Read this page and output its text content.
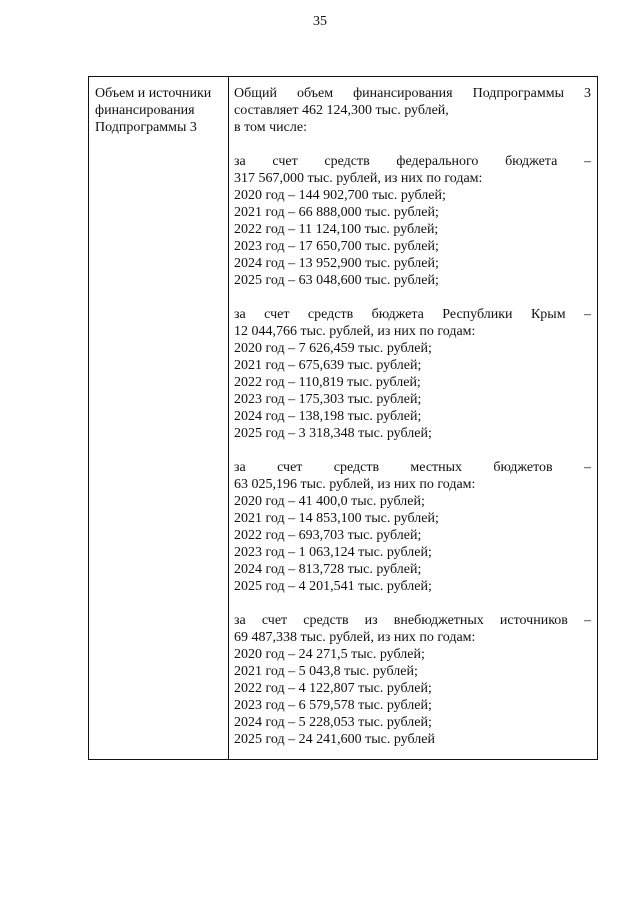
35
Объем и источники
финансирования
Подпрограммы 3
Общий объем финансирования Подпрограммы 3
составляет 462 124,300 тыс. рублей,
в том числе:
за счет средств федерального бюджета –
317 567,000 тыс. рублей, из них по годам:
2020 год – 144 902,700 тыс. рублей;
2021 год – 66 888,000 тыс. рублей;
2022 год – 11 124,100 тыс. рублей;
2023 год – 17 650,700 тыс. рублей;
2024 год – 13 952,900 тыс. рублей;
2025 год – 63 048,600 тыс. рублей;
за счет средств бюджета Республики Крым –
12 044,766 тыс. рублей, из них по годам:
2020 год – 7 626,459 тыс. рублей;
2021 год – 675,639 тыс. рублей;
2022 год – 110,819 тыс. рублей;
2023 год – 175,303 тыс. рублей;
2024 год – 138,198 тыс. рублей;
2025 год – 3 318,348 тыс. рублей;
за счет средств местных бюджетов –
63 025,196 тыс. рублей, из них по годам:
2020 год – 41 400,0 тыс. рублей;
2021 год – 14 853,100 тыс. рублей;
2022 год – 693,703 тыс. рублей;
2023 год – 1 063,124 тыс. рублей;
2024 год – 813,728 тыс. рублей;
2025 год – 4 201,541 тыс. рублей;
за счет средств из внебюджетных источников –
69 487,338 тыс. рублей, из них по годам:
2020 год – 24 271,5 тыс. рублей;
2021 год – 5 043,8 тыс. рублей;
2022 год – 4 122,807 тыс. рублей;
2023 год – 6 579,578 тыс. рублей;
2024 год – 5 228,053 тыс. рублей;
2025 год – 24 241,600 тыс. рублей
